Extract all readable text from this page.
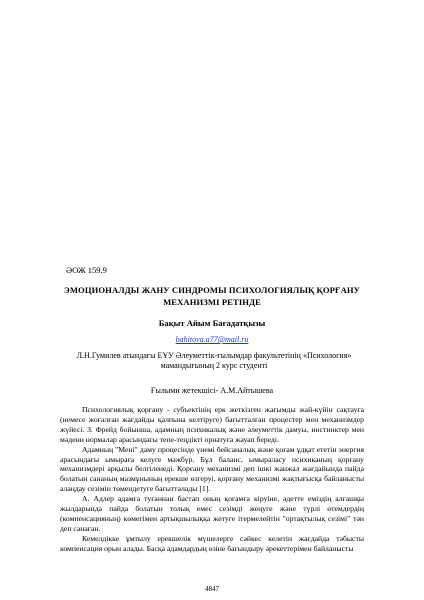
ӘОЖ 159.9
ЭМОЦИОНАЛДЫ ЖАНУ СИНДРОМЫ ПСИХОЛОГИЯЛЫҚ ҚОРҒАНУ МЕХАНИЗМІ РЕТІНДЕ
Бақыт Айым Бағадатқызы
bahitova.a77@mail.ru
Л.Н.Гумилев атындағы ЕҰУ Әлеуметтік-ғылымдар факультетінің «Психология» мамандығының 2 курс студенті
Ғылыми жетекшісі- А.М.Айтышева

Психологиялық қорғану - субъектінің ерк жеткізген жағымды жай-күйін сақтауға (немесе жоғалған жағдайды қалпына келтіруге) бағытталған процестер мен механизмдер жүйесі. З. Фрейд бойынша, адамның психикалық және әлеуметтік дамуы, инстинктер мен мәдени нормалар арасындағы тепе-теңдікті орнатуға жауап береді.

Адамның "Мені" даму процесінде үнемі бейсаналық және қоғам ұдқат ететін энергия арасындағы ымыраға келуге мәжбүр. Бұл баланс, ымыраласу психиканың қорғану механизмдері арқылы белгіленеді. Қорғану механизмі деп ішкі жанжал жағдайында пайда болатын сананың мазмұнының ерекше өзгеруі, қорғану механизмі жақтығысқа байланысты алаңдау сезімін төмендетуге бағытталады [1].

А. Адлер адамға туғаннан бастап оның қоғамға кіруіне, әдетте еміздің алғашқы жылдарында пайда болатын толық емес сезімді жеңуге және түрлі өтемдердің (компенсацияның) көмегімен артықшылыққа жетуге ітермелейтін "ортақтылық сезімі" тән деп санаған.

Кемелдікке ұмтылу ерекшелік мүшелерге сәйкес келетін жағдайда тәбысты компенсация орын алады. Басқа адамдардың өзіне бағындыру әрекеттерімен байланысты

4847
